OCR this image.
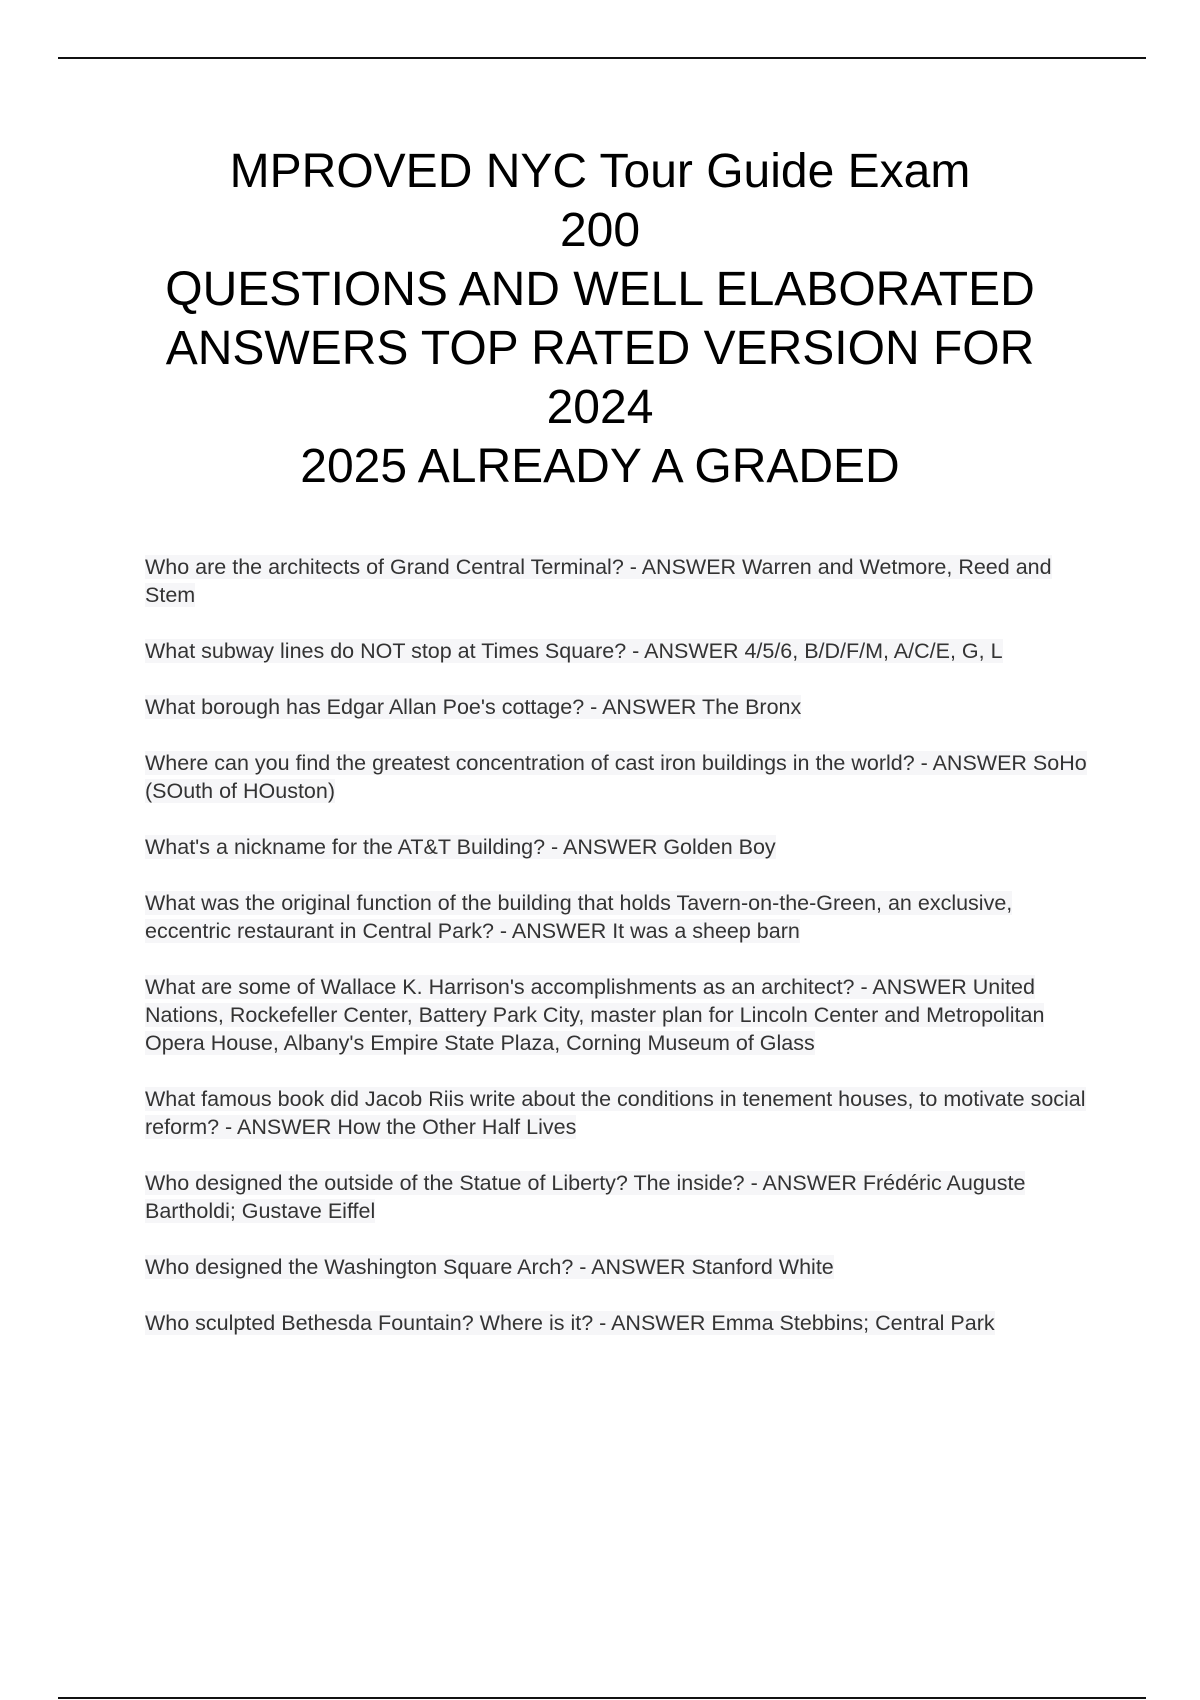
MPROVED NYC Tour Guide Exam
200
QUESTIONS AND WELL ELABORATED
ANSWERS TOP RATED VERSION FOR
2024
2025 ALREADY A GRADED
Who are the architects of Grand Central Terminal? - ANSWER Warren and Wetmore, Reed and Stem
What subway lines do NOT stop at Times Square? - ANSWER 4/5/6, B/D/F/M, A/C/E, G, L
What borough has Edgar Allan Poe's cottage? - ANSWER The Bronx
Where can you find the greatest concentration of cast iron buildings in the world? - ANSWER SoHo (SOuth of HOuston)
What's a nickname for the AT&T Building? - ANSWER Golden Boy
What was the original function of the building that holds Tavern-on-the-Green, an exclusive, eccentric restaurant in Central Park? - ANSWER It was a sheep barn
What are some of Wallace K. Harrison's accomplishments as an architect? - ANSWER United Nations, Rockefeller Center, Battery Park City, master plan for Lincoln Center and Metropolitan Opera House, Albany's Empire State Plaza, Corning Museum of Glass
What famous book did Jacob Riis write about the conditions in tenement houses, to motivate social reform? - ANSWER How the Other Half Lives
Who designed the outside of the Statue of Liberty? The inside? - ANSWER Frédéric Auguste Bartholdi; Gustave Eiffel
Who designed the Washington Square Arch? - ANSWER Stanford White
Who sculpted Bethesda Fountain? Where is it? - ANSWER Emma Stebbins; Central Park
